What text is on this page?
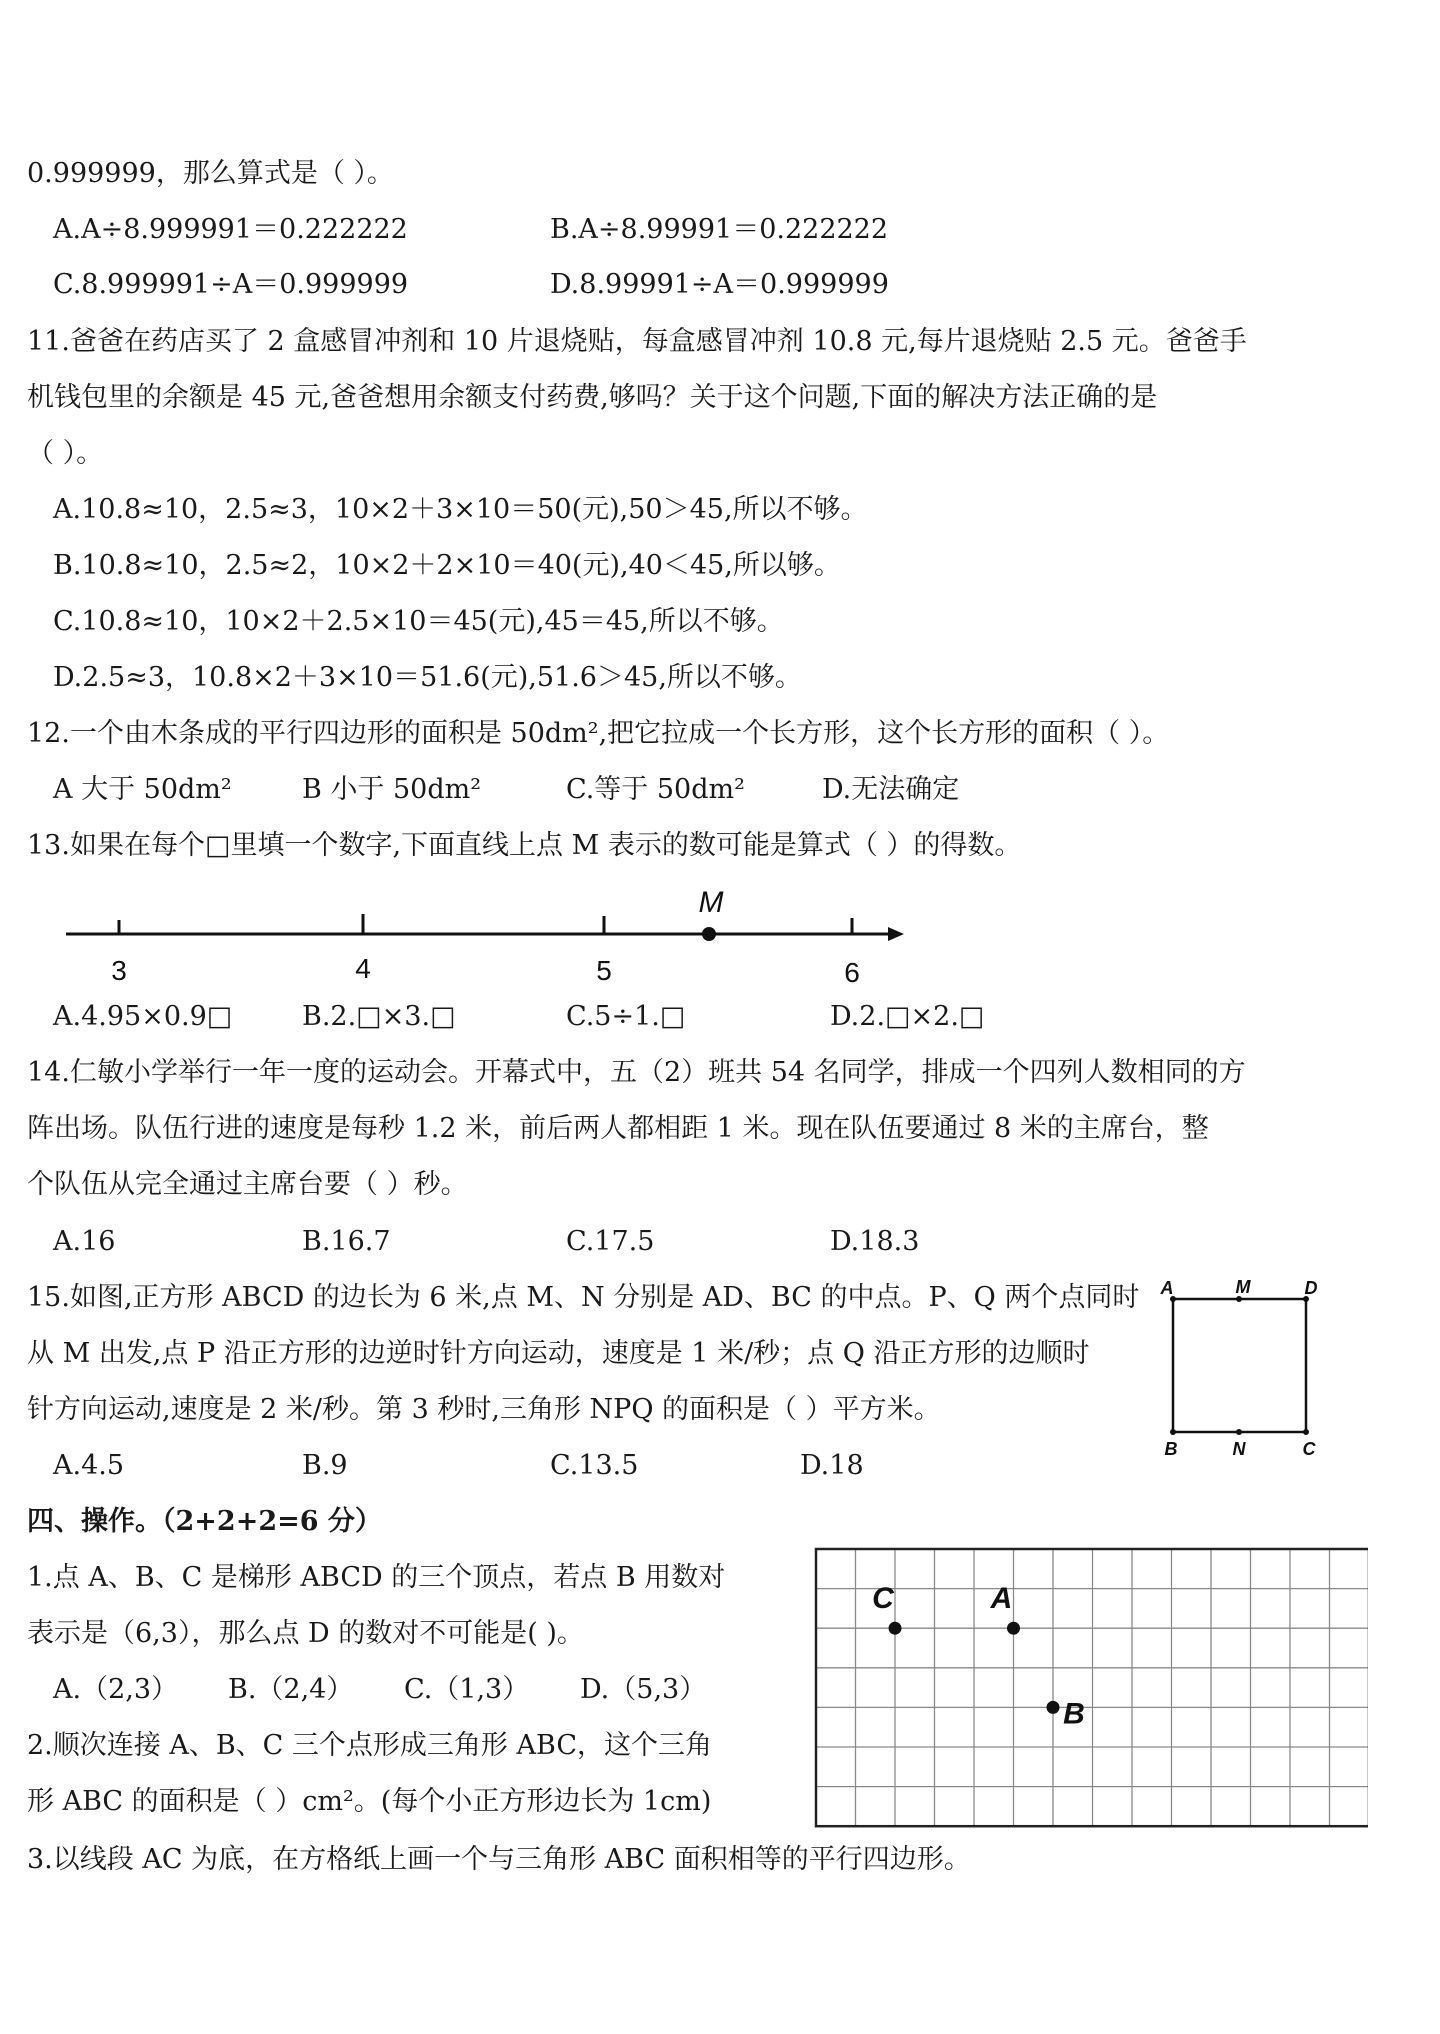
0.999999，那么算式是（ ）。
A.A÷8.999991＝0.222222	B.A÷8.99991＝0.222222
C.8.999991÷A＝0.999999	D.8.99991÷A＝0.999999
11.爸爸在药店买了 2 盒感冒冲剂和 10 片退烧贴，每盒感冒冲剂 10.8 元,每片退烧贴 2.5 元。爸爸手
机钱包里的余额是 45 元,爸爸想用余额支付药费,够吗？关于这个问题,下面的解决方法正确的是
（ ）。
A.10.8≈10，2.5≈3，10×2＋3×10＝50(元),50＞45,所以不够。
B.10.8≈10，2.5≈2，10×2＋2×10＝40(元),40＜45,所以够。
C.10.8≈10，10×2＋2.5×10＝45(元),45＝45,所以不够。
D.2.5≈3，10.8×2＋3×10＝51.6(元),51.6＞45,所以不够。
12.一个由木条成的平行四边形的面积是 50dm²,把它拉成一个长方形，这个长方形的面积（ ）。
A 大于 50dm²	B 小于 50dm²	C.等于 50dm²	D.无法确定
13.如果在每个□里填一个数字,下面直线上点 M 表示的数可能是算式（ ）的得数。
3	4	5	6
M
A.4.95×0.9□	B.2.□×3.□	C.5÷1.□	D.2.□×2.□
14.仁敏小学举行一年一度的运动会。开幕式中，五（2）班共 54 名同学，排成一个四列人数相同的方
阵出场。队伍行进的速度是每秒 1.2 米，前后两人都相距 1 米。现在队伍要通过 8 米的主席台，整
个队伍从完全通过主席台要（ ）秒。
A.16	B.16.7	C.17.5	D.18.3
15.如图,正方形 ABCD 的边长为 6 米,点 M、N 分别是 AD、BC 的中点。P、Q 两个点同时
从 M 出发,点 P 沿正方形的边逆时针方向运动，速度是 1 米/秒；点 Q 沿正方形的边顺时
针方向运动,速度是 2 米/秒。第 3 秒时,三角形 NPQ 的面积是（ ）平方米。
A.4.5	B.9	C.13.5	D.18
A	M	D
B	N	C
四、操作。（2+2+2=6 分）
1.点 A、B、C 是梯形 ABCD 的三个顶点，若点 B 用数对
表示是（6,3），那么点 D 的数对不可能是( )。
A.（2,3） B.（2,4） C.（1,3） D.（5,3）
2.顺次连接 A、B、C 三个点形成三角形 ABC，这个三角
形 ABC 的面积是（ ）cm²。(每个小正方形边长为 1cm)
3.以线段 AC 为底，在方格纸上画一个与三角形 ABC 面积相等的平行四边形。
C	A
B
